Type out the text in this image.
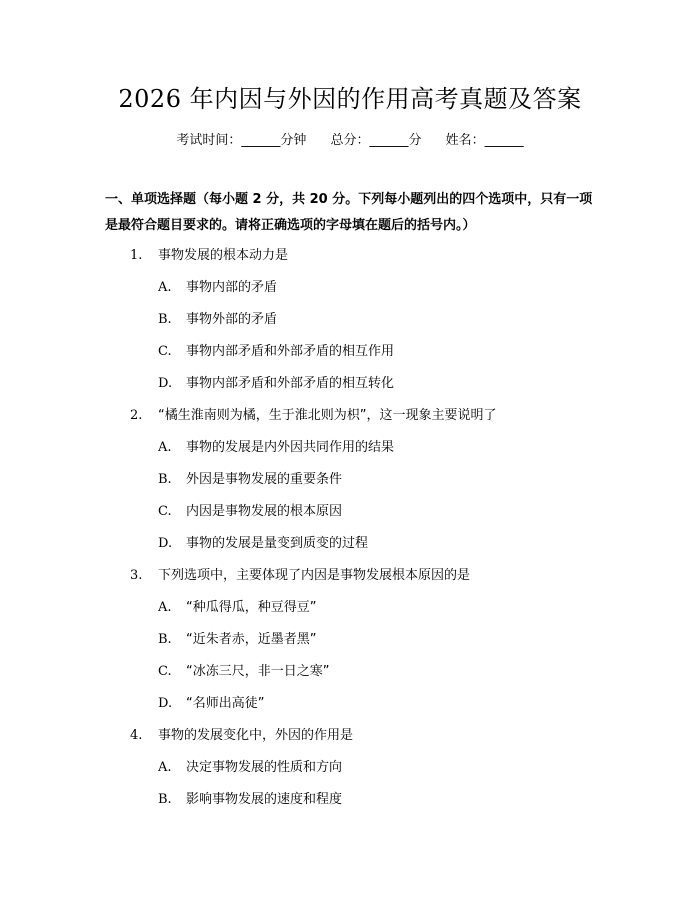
2026 年内因与外因的作用高考真题及答案
考试时间：______分钟 总分：______分 姓名：______
一、单项选择题（每小题 2 分，共 20 分。下列每小题列出的四个选项中，只有一项是最符合题目要求的。请将正确选项的字母填在题后的括号内。）
1. 事物发展的根本动力是
A. 事物内部的矛盾
B. 事物外部的矛盾
C. 事物内部矛盾和外部矛盾的相互作用
D. 事物内部矛盾和外部矛盾的相互转化
2. “橘生淮南则为橘，生于淮北则为枳”，这一现象主要说明了
A. 事物的发展是内外因共同作用的结果
B. 外因是事物发展的重要条件
C. 内因是事物发展的根本原因
D. 事物的发展是量变到质变的过程
3. 下列选项中，主要体现了内因是事物发展根本原因的是
A. “种瓜得瓜，种豆得豆”
B. “近朱者赤，近墨者黑”
C. “冰冻三尺，非一日之寒”
D. “名师出高徒”
4. 事物的发展变化中，外因的作用是
A. 决定事物发展的性质和方向
B. 影响事物发展的速度和程度
